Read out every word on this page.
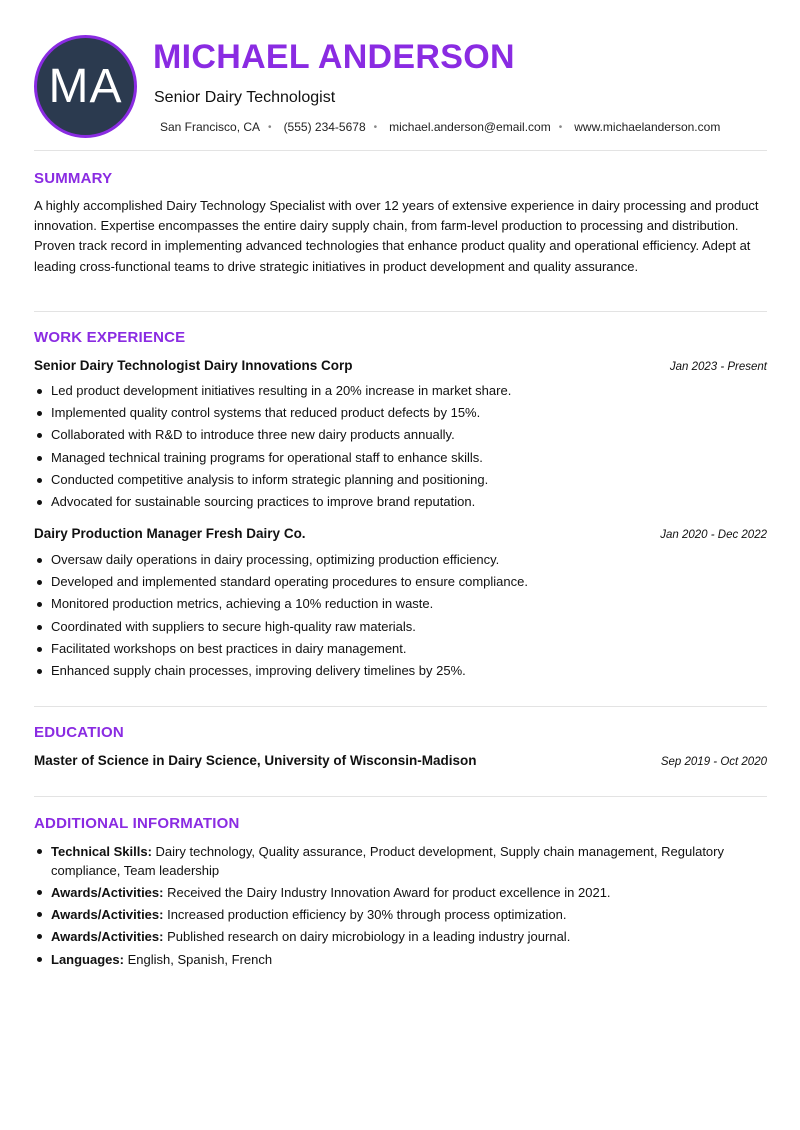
MA
MICHAEL ANDERSON
Senior Dairy Technologist
San Francisco, CA • (555) 234-5678 • michael.anderson@email.com • www.michaelanderson.com
SUMMARY
A highly accomplished Dairy Technology Specialist with over 12 years of extensive experience in dairy processing and product innovation. Expertise encompasses the entire dairy supply chain, from farm-level production to processing and distribution. Proven track record in implementing advanced technologies that enhance product quality and operational efficiency. Adept at leading cross-functional teams to drive strategic initiatives in product development and quality assurance.
WORK EXPERIENCE
Senior Dairy Technologist Dairy Innovations Corp	Jan 2023 - Present
Led product development initiatives resulting in a 20% increase in market share.
Implemented quality control systems that reduced product defects by 15%.
Collaborated with R&D to introduce three new dairy products annually.
Managed technical training programs for operational staff to enhance skills.
Conducted competitive analysis to inform strategic planning and positioning.
Advocated for sustainable sourcing practices to improve brand reputation.
Dairy Production Manager Fresh Dairy Co.	Jan 2020 - Dec 2022
Oversaw daily operations in dairy processing, optimizing production efficiency.
Developed and implemented standard operating procedures to ensure compliance.
Monitored production metrics, achieving a 10% reduction in waste.
Coordinated with suppliers to secure high-quality raw materials.
Facilitated workshops on best practices in dairy management.
Enhanced supply chain processes, improving delivery timelines by 25%.
EDUCATION
Master of Science in Dairy Science, University of Wisconsin-Madison	Sep 2019 - Oct 2020
ADDITIONAL INFORMATION
Technical Skills: Dairy technology, Quality assurance, Product development, Supply chain management, Regulatory compliance, Team leadership
Awards/Activities: Received the Dairy Industry Innovation Award for product excellence in 2021.
Awards/Activities: Increased production efficiency by 30% through process optimization.
Awards/Activities: Published research on dairy microbiology in a leading industry journal.
Languages: English, Spanish, French
